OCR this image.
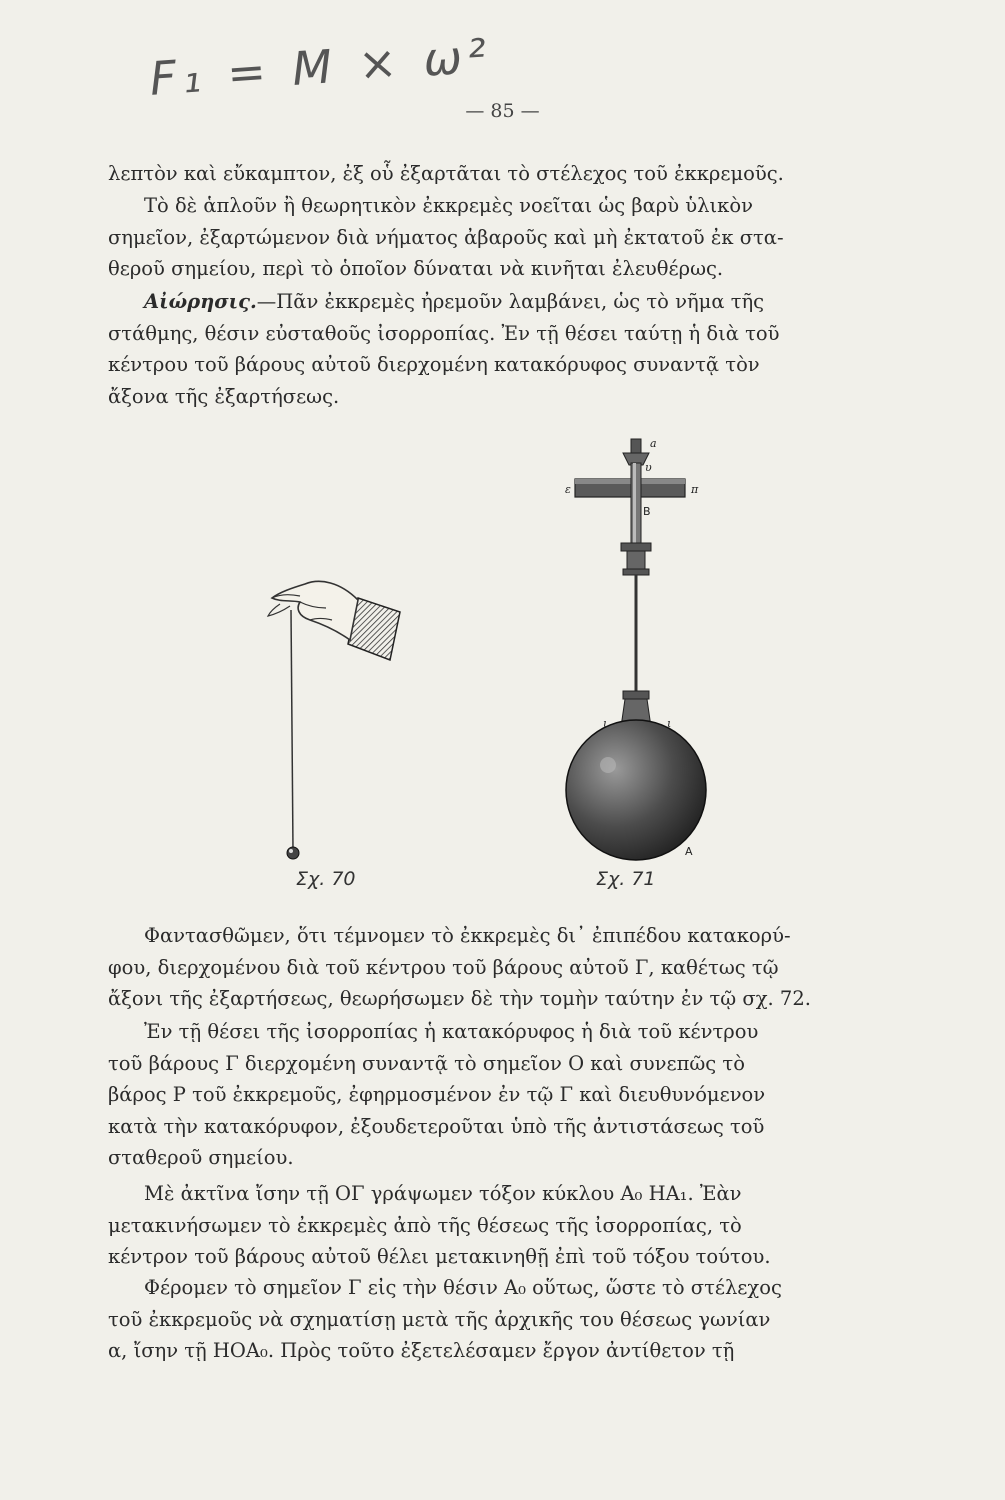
F₁ = M × ω²
— 85 —

λεπτὸν καὶ εὔκαμπτον, ἐξ οὗ ἐξαρτᾶται τὸ στέλεχος τοῦ ἐκκρεμοῦς.

Τὸ δὲ ἁπλοῦν ἢ θεωρητικὸν ἐκκρεμὲς νοεῖται ὡς βαρὺ ὑλικὸν
σημεῖον, ἐξαρτώμενον διὰ νήματος ἀβαροῦς καὶ μὴ ἐκτατοῦ ἐκ στα-
θεροῦ σημείου, περὶ τὸ ὁποῖον δύναται νὰ κινῆται ἐλευθέρως.

Αἰώρησις.—Πᾶν ἐκκρεμὲς ἠρεμοῦν λαμβάνει, ὡς τὸ νῆμα τῆς
στάθμης, θέσιν εὐσταθοῦς ἰσορροπίας. Ἐν τῇ θέσει ταύτῃ ἡ διὰ τοῦ
κέντρου τοῦ βάρους αὐτοῦ διερχομένη κατακόρυφος συναντᾷ τὸν
ἄξονα τῆς ἐξαρτήσεως.

Σχ. 70
a
υ
ε	π
B
ι	ι
A
Σχ. 71

Φαντασθῶμεν, ὅτι τέμνομεν τὸ ἐκκρεμὲς δι᾽ ἐπιπέδου κατακορύ-
φου, διερχομένου διὰ τοῦ κέντρου τοῦ βάρους αὐτοῦ Γ, καθέτως τῷ
ἄξονι τῆς ἐξαρτήσεως, θεωρήσωμεν δὲ τὴν τομὴν ταύτην ἐν τῷ σχ. 72.

Ἐν τῇ θέσει τῆς ἰσορροπίας ἡ κατακόρυφος ἡ διὰ τοῦ κέντρου
τοῦ βάρους Γ διερχομένη συναντᾷ τὸ σημεῖον Ο καὶ συνεπῶς τὸ
βάρος Ρ τοῦ ἐκκρεμοῦς, ἐφηρμοσμένον ἐν τῷ Γ καὶ διευθυνόμενον
κατὰ τὴν κατακόρυφον, ἐξουδετεροῦται ὑπὸ τῆς ἀντιστάσεως τοῦ
σταθεροῦ σημείου.

Μὲ ἀκτῖνα ἴσην τῇ ΟΓ γράψωμεν τόξον κύκλου Α₀ ΗΑ₁. Ἐὰν
μετακινήσωμεν τὸ ἐκκρεμὲς ἀπὸ τῆς θέσεως τῆς ἰσορροπίας, τὸ
κέντρον τοῦ βάρους αὐτοῦ θέλει μετακινηθῇ ἐπὶ τοῦ τόξου τούτου.

Φέρομεν τὸ σημεῖον Γ εἰς τὴν θέσιν Α₀ οὕτως, ὥστε τὸ στέλεχος
τοῦ ἐκκρεμοῦς νὰ σχηματίσῃ μετὰ τῆς ἀρχικῆς του θέσεως γωνίαν
α, ἴσην τῇ ΗΟΑ₀. Πρὸς τοῦτο ἐξετελέσαμεν ἔργον ἀντίθετον τῇ
